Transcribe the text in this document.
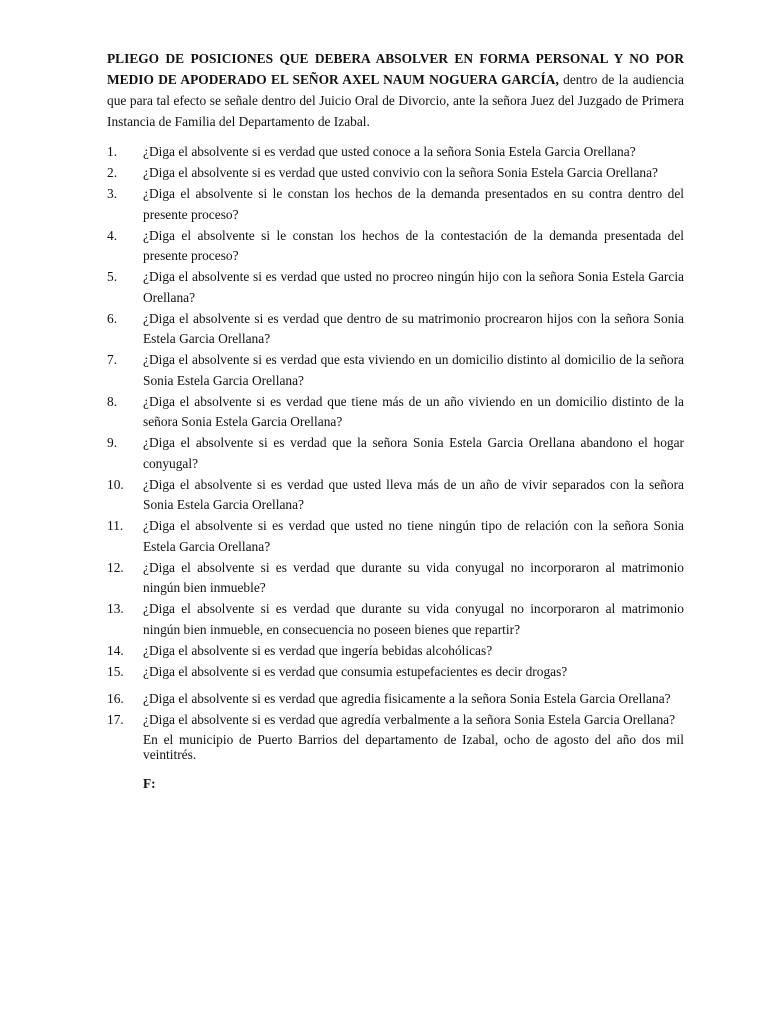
PLIEGO DE POSICIONES QUE DEBERA ABSOLVER EN FORMA PERSONAL Y NO POR MEDIO DE APODERADO EL SEÑOR AXEL NAUM NOGUERA GARCÍA, dentro de la audiencia que para tal efecto se señale dentro del Juicio Oral de Divorcio, ante la señora Juez del Juzgado de Primera Instancia de Familia del Departamento de Izabal.

1.	¿Diga el absolvente si es verdad que usted conoce a la señora Sonia Estela Garcia Orellana?
2.	¿Diga el absolvente si es verdad que usted convivio con la señora Sonia Estela Garcia Orellana?
3.	¿Diga el absolvente si le constan los hechos de la demanda presentados en su contra dentro del presente proceso?
4.	¿Diga el absolvente si le constan los hechos de la contestación de la demanda presentada del presente proceso?
5.	¿Diga el absolvente si es verdad que usted no procreo ningún hijo con la señora Sonia Estela Garcia Orellana?
6.	¿Diga el absolvente si es verdad que dentro de su matrimonio procrearon hijos con la señora Sonia Estela Garcia Orellana?
7.	¿Diga el absolvente si es verdad que esta viviendo en un domicilio distinto al domicilio de la señora Sonia Estela Garcia Orellana?
8.	¿Diga el absolvente si es verdad que tiene más de un año viviendo en un domicilio distinto de la señora Sonia Estela Garcia Orellana?
9.	¿Diga el absolvente si es verdad que la señora Sonia Estela Garcia Orellana abandono el hogar conyugal?
10.	¿Diga el absolvente si es verdad que usted lleva más de un año de vivir separados con la señora Sonia Estela Garcia Orellana?
11.	¿Diga el absolvente si es verdad que usted no tiene ningún tipo de relación con la señora Sonia Estela Garcia Orellana?
12.	¿Diga el absolvente si es verdad que durante su vida conyugal no incorporaron al matrimonio ningún bien inmueble?
13.	¿Diga el absolvente si es verdad que durante su vida conyugal no incorporaron al matrimonio ningún bien inmueble, en consecuencia no poseen bienes que repartir?
14.	¿Diga el absolvente si es verdad que ingería bebidas alcohólicas?
15.	¿Diga el absolvente si es verdad que consumia estupefacientes es decir drogas?
16.	¿Diga el absolvente si es verdad que agredia fisicamente a la señora Sonia Estela Garcia Orellana?
17.	¿Diga el absolvente si es verdad que agredía verbalmente a la señora Sonia Estela Garcia Orellana?

En el municipio de Puerto Barrios del departamento de Izabal, ocho de agosto del año dos mil veintitrés.

F:
